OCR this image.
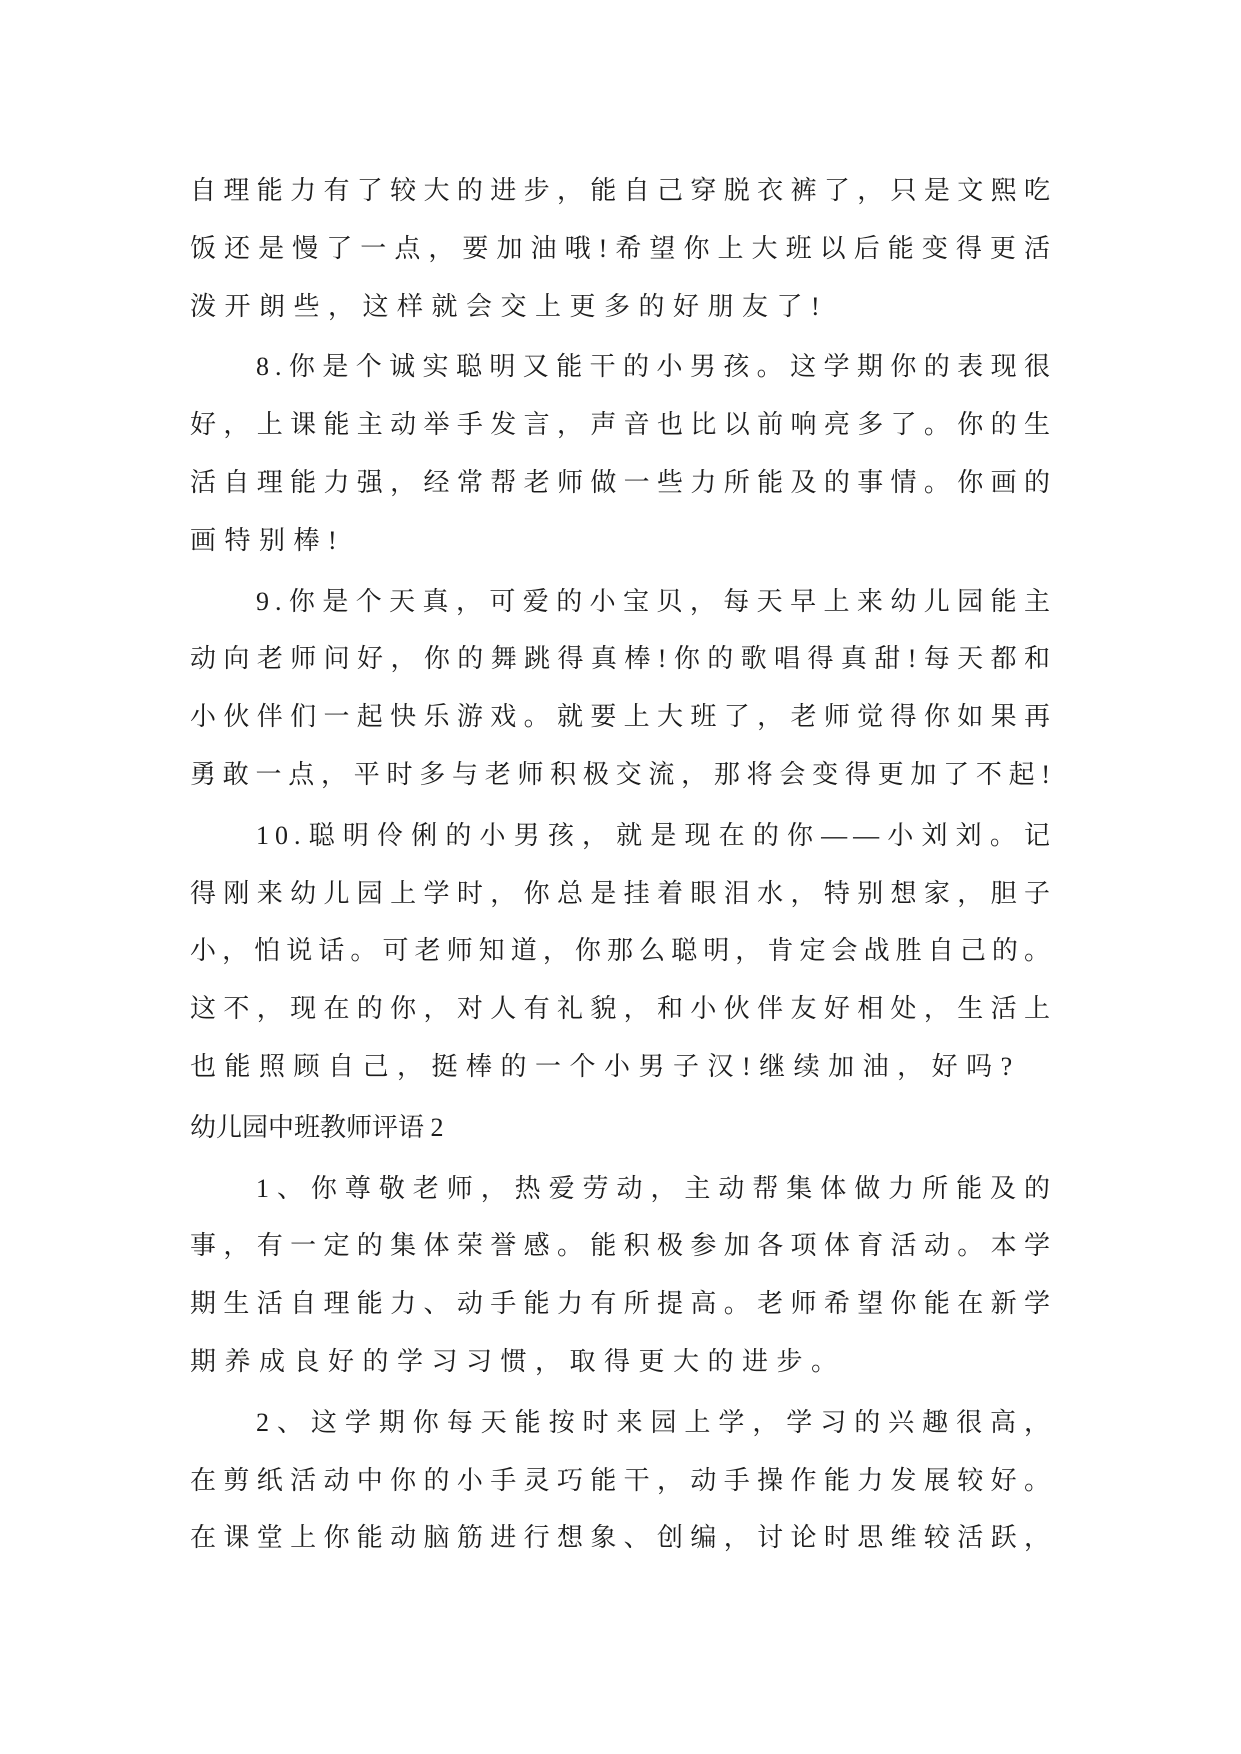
自理能力有了较大的进步，能自己穿脱衣裤了，只是文熙吃
饭还是慢了一点，要加油哦!希望你上大班以后能变得更活
泼开朗些，这样就会交上更多的好朋友了!

8.你是个诚实聪明又能干的小男孩。这学期你的表现很
好，上课能主动举手发言，声音也比以前响亮多了。你的生
活自理能力强，经常帮老师做一些力所能及的事情。你画的
画特别棒!

9.你是个天真，可爱的小宝贝，每天早上来幼儿园能主
动向老师问好，你的舞跳得真棒!你的歌唱得真甜!每天都和
小伙伴们一起快乐游戏。就要上大班了，老师觉得你如果再
勇敢一点，平时多与老师积极交流，那将会变得更加了不起!

10.聪明伶俐的小男孩，就是现在的你——小刘刘。记
得刚来幼儿园上学时，你总是挂着眼泪水，特别想家，胆子
小，怕说话。可老师知道，你那么聪明，肯定会战胜自己的。
这不，现在的你，对人有礼貌，和小伙伴友好相处，生活上
也能照顾自己，挺棒的一个小男子汉!继续加油，好吗?

幼儿园中班教师评语 2

1、你尊敬老师，热爱劳动，主动帮集体做力所能及的
事，有一定的集体荣誉感。能积极参加各项体育活动。本学
期生活自理能力、动手能力有所提高。老师希望你能在新学
期养成良好的学习习惯，取得更大的进步。

2、这学期你每天能按时来园上学，学习的兴趣很高，
在剪纸活动中你的小手灵巧能干，动手操作能力发展较好。
在课堂上你能动脑筋进行想象、创编，讨论时思维较活跃，
